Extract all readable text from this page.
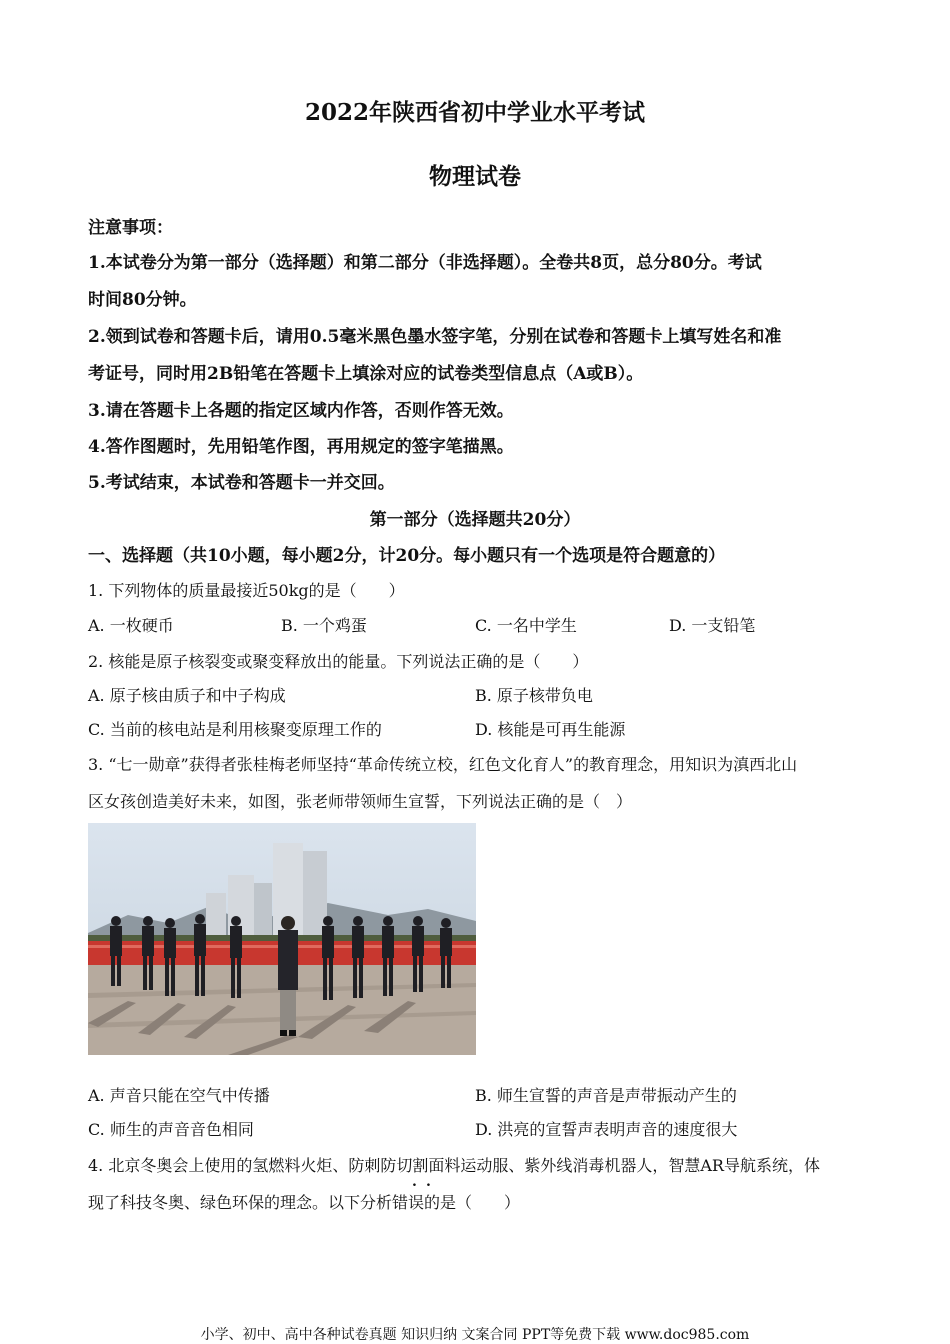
2022年陕西省初中学业水平考试
物理试卷
注意事项：
1.本试卷分为第一部分（选择题）和第二部分（非选择题）。全卷共8页，总分80分。考试
时间80分钟。
2.领到试卷和答题卡后，请用0.5毫米黑色墨水签字笔，分别在试卷和答题卡上填写姓名和准
考证号，同时用2B铅笔在答题卡上填涂对应的试卷类型信息点（A或B）。
3.请在答题卡上各题的指定区域内作答，否则作答无效。
4.答作图题时，先用铅笔作图，再用规定的签字笔描黑。
5.考试结束，本试卷和答题卡一并交回。
第一部分（选择题共20分）
一、选择题（共10小题，每小题2分，计20分。每小题只有一个选项是符合题意的）
1. 下列物体的质量最接近50kg的是（　　）
A. 一枚硬币	B. 一个鸡蛋	C. 一名中学生	D. 一支铅笔
2. 核能是原子核裂变或聚变释放出的能量。下列说法正确的是（　　）
A. 原子核由质子和中子构成	B. 原子核带负电
C. 当前的核电站是利用核聚变原理工作的	D. 核能是可再生能源
3. “七一勋章”获得者张桂梅老师坚持“革命传统立校，红色文化育人”的教育理念，用知识为滇西北山
区女孩创造美好未来，如图，张老师带领师生宣誓，下列说法正确的是（　）
A. 声音只能在空气中传播	B. 师生宣誓的声音是声带振动产生的
C. 师生的声音音色相同	D. 洪亮的宣誓声表明声音的速度很大
4. 北京冬奥会上使用的氢燃料火炬、防刺防切割面料运动服、紫外线消毒机器人，智慧AR导航系统，体
. .
现了科技冬奥、绿色环保的理念。以下分析错误的是（　　）
小学、初中、高中各种试卷真题 知识归纳 文案合同 PPT等免费下载 www.doc985.com
